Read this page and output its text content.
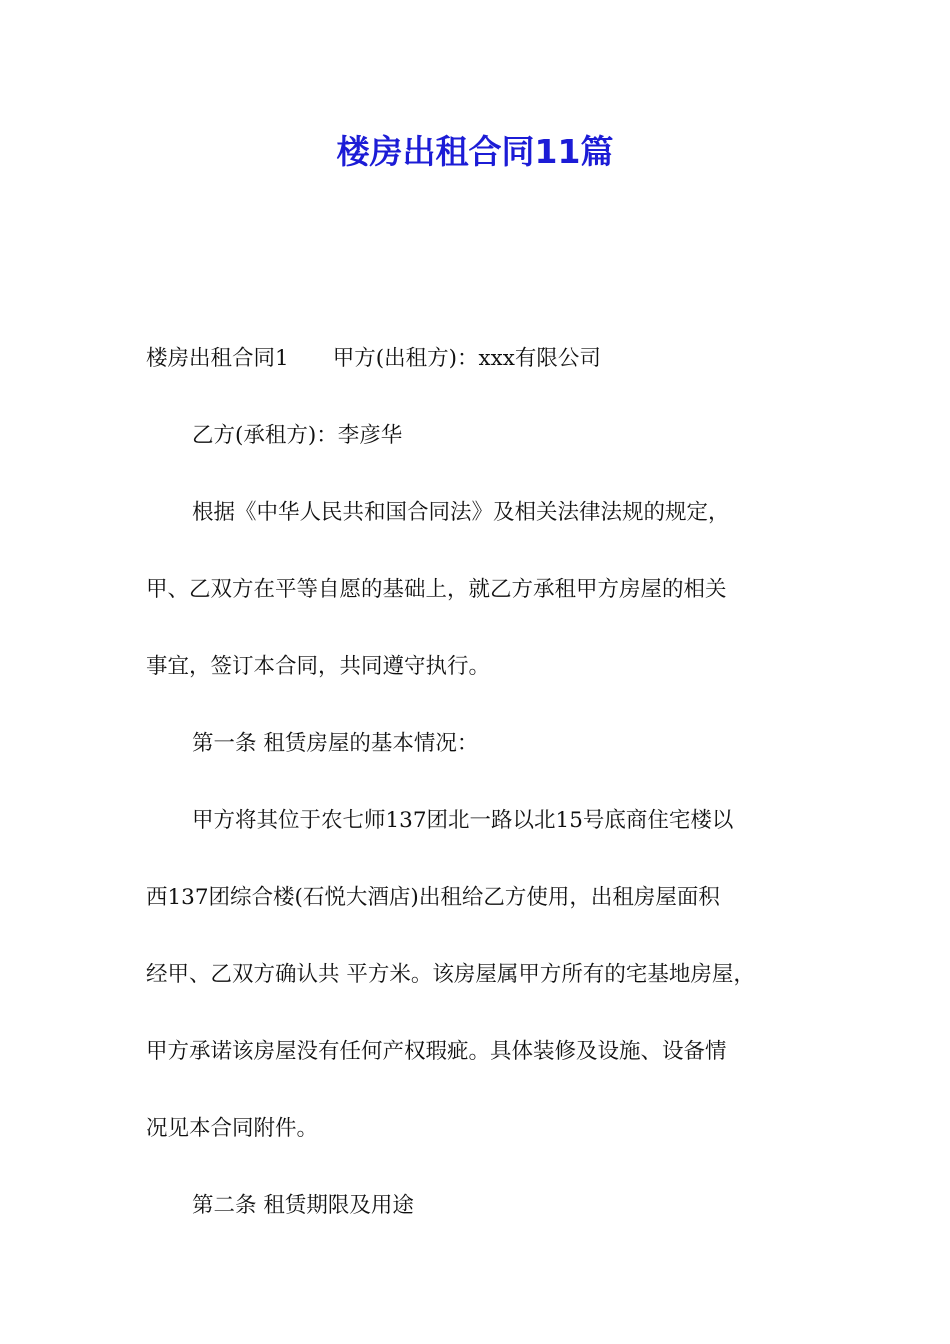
楼房出租合同11篇
楼房出租合同1 甲方(出租方)：xxx有限公司
乙方(承租方)：李彦华
根据《中华人民共和国合同法》及相关法律法规的规定，
甲、乙双方在平等自愿的基础上，就乙方承租甲方房屋的相关
事宜，签订本合同，共同遵守执行。
第一条 租赁房屋的基本情况：
甲方将其位于农七师137团北一路以北15号底商住宅楼以
西137团综合楼(石悦大酒店)出租给乙方使用，出租房屋面积
经甲、乙双方确认共 平方米。该房屋属甲方所有的宅基地房屋，
甲方承诺该房屋没有任何产权瑕疵。具体装修及设施、设备情
况见本合同附件。
第二条 租赁期限及用途
